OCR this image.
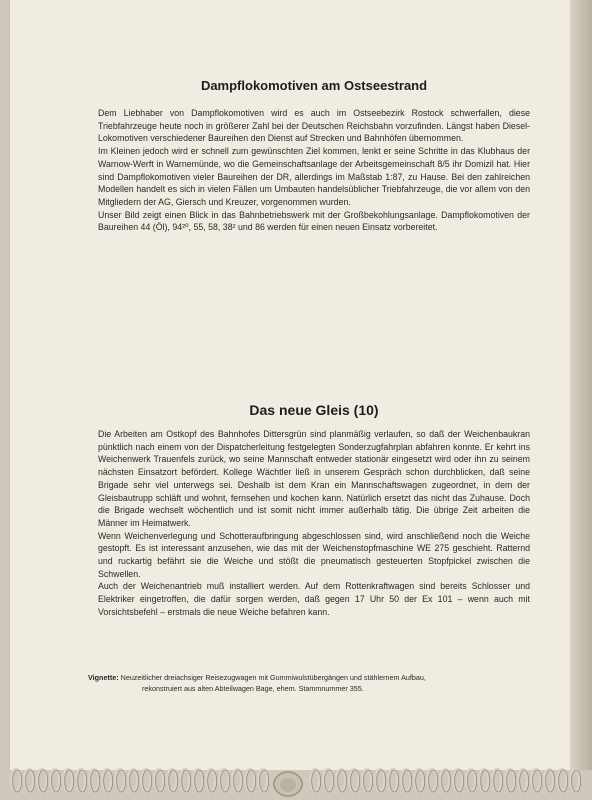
Dampflokomotiven am Ostseestrand

Dem Liebhaber von Dampflokomotiven wird es auch im Ostseebezirk Rostock schwerfallen, diese Triebfahrzeuge heute noch in größerer Zahl bei der Deutschen Reichsbahn vorzufinden. Längst haben Diesel-Lokomotiven verschiedener Baureihen den Dienst auf Strecken und Bahnhöfen übernommen.

Im Kleinen jedoch wird er schnell zum gewünschten Ziel kommen, lenkt er seine Schritte in das Klubhaus der Warnow-Werft in Warnemünde, wo die Gemeinschaftsanlage der Arbeitsgemeinschaft 8/5 ihr Domizil hat. Hier sind Dampflokomotiven vieler Baureihen der DR, allerdings im Maßstab 1:87, zu Hause. Bei den zahlreichen Modellen handelt es sich in vielen Fällen um Umbauten handelsüblicher Triebfahrzeuge, die vor allem von den Mitgliedern der AG, Giersch und Kreuzer, vorgenommen wurden.

Unser Bild zeigt einen Blick in das Bahnbetriebswerk mit der Großbekohlungsanlage. Dampflokomotiven der Baureihen 44 (Öl), 94²⁰, 55, 58, 38² und 86 werden für einen neuen Einsatz vorbereitet.

Das neue Gleis (10)

Die Arbeiten am Ostkopf des Bahnhofes Dittersgrün sind planmäßig verlaufen, so daß der Weichenbaukran pünktlich nach einem von der Dispatcherleitung festgelegten Sonderzugfahrplan abfahren konnte. Er kehrt ins Weichenwerk Trauenfels zurück, wo seine Mannschaft entweder stationär eingesetzt wird oder ihn zu seinem nächsten Einsatzort befördert. Kollege Wächtler ließ in unserem Gespräch schon durchblicken, daß seine Brigade sehr viel unterwegs sei. Deshalb ist dem Kran ein Mannschaftswagen zugeordnet, in dem der Gleisbautrupp schläft und wohnt, fernsehen und kochen kann. Natürlich ersetzt das nicht das Zuhause. Doch die Brigade wechselt wöchentlich und ist somit nicht immer außerhalb tätig. Die übrige Zeit arbeiten die Männer im Heimatwerk.

Wenn Weichenverlegung und Schotteraufbringung abgeschlossen sind, wird anschließend noch die Weiche gestopft. Es ist interessant anzusehen, wie das mit der Weichenstopfmaschine WE 275 geschieht. Ratternd und ruckartig befährt sie die Weiche und stößt die pneumatisch gesteuerten Stopfpickel zwischen die Schwellen.

Auch der Weichenantrieb muß installiert werden. Auf dem Rottenkraftwagen sind bereits Schlosser und Elektriker eingetroffen, die dafür sorgen werden, daß gegen 17 Uhr 50 der Ex 101 – wenn auch mit Vorsichtsbefehl – erstmals die neue Weiche befahren kann.

Vignette: Neuzeitlicher dreiachsiger Reisezugwagen mit Gummiwulstübergängen und stählernem Aufbau,
rekonstruiert aus alten Abteilwagen Bage, ehem. Stammnummer 355.
